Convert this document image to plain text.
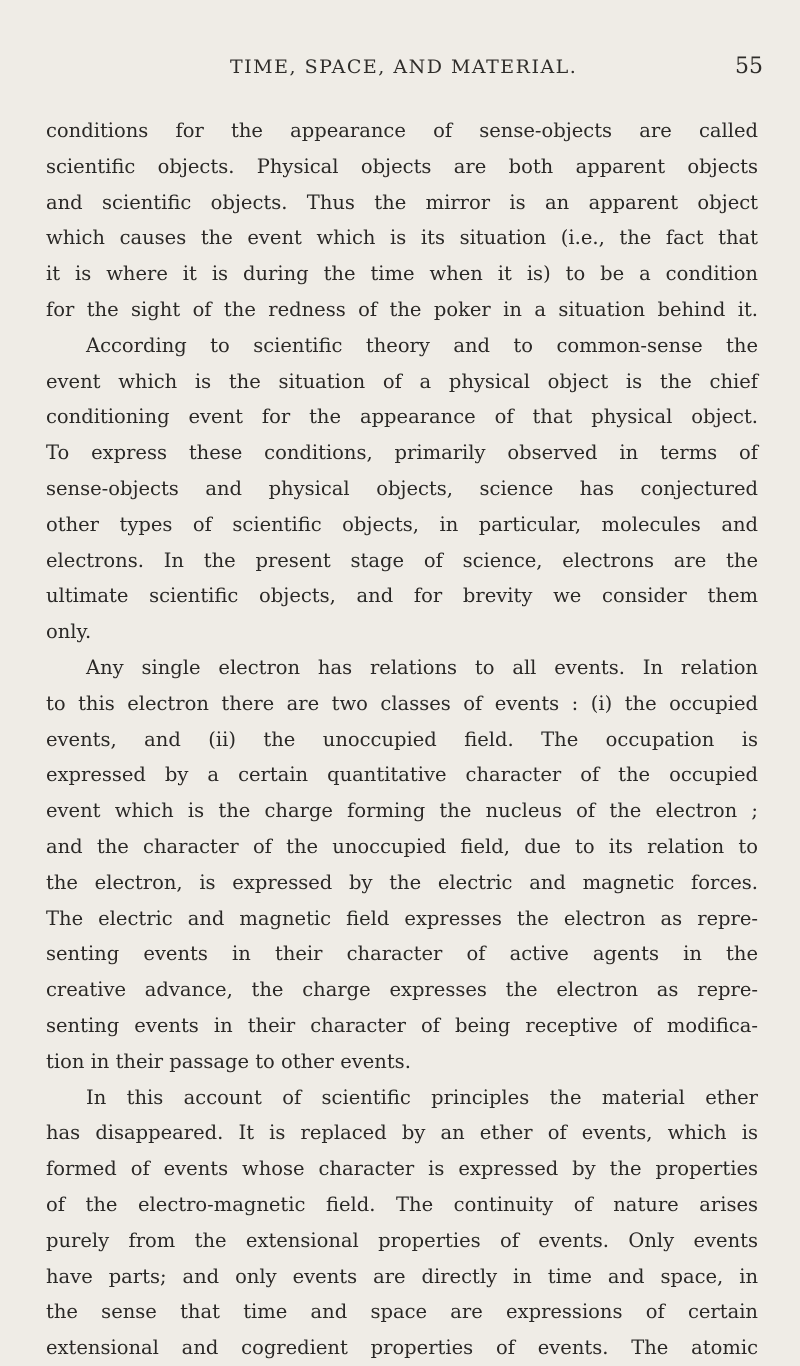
TIME, SPACE, AND MATERIAL.	55
conditions for the appearance of sense-objects are called
scientific objects. Physical objects are both apparent objects
and scientific objects. Thus the mirror is an apparent object
which causes the event which is its situation (i.e., the fact that
it is where it is during the time when it is) to be a condition
for the sight of the redness of the poker in a situation behind it.
According to scientific theory and to common-sense the
event which is the situation of a physical object is the chief
conditioning event for the appearance of that physical object.
To express these conditions, primarily observed in terms of
sense-objects and physical objects, science has conjectured
other types of scientific objects, in particular, molecules and
electrons. In the present stage of science, electrons are the
ultimate scientific objects, and for brevity we consider them
only.
Any single electron has relations to all events. In relation
to this electron there are two classes of events : (i) the occupied
events, and (ii) the unoccupied field. The occupation is
expressed by a certain quantitative character of the occupied
event which is the charge forming the nucleus of the electron ;
and the character of the unoccupied field, due to its relation to
the electron, is expressed by the electric and magnetic forces.
The electric and magnetic field expresses the electron as repre-
senting events in their character of active agents in the
creative advance, the charge expresses the electron as repre-
senting events in their character of being receptive of modifica-
tion in their passage to other events.
In this account of scientific principles the material ether
has disappeared. It is replaced by an ether of events, which is
formed of events whose character is expressed by the properties
of the electro-magnetic field. The continuity of nature arises
purely from the extensional properties of events. Only events
have parts; and only events are directly in time and space, in
the sense that time and space are expressions of certain
extensional and cogredient properties of events. The atomic
